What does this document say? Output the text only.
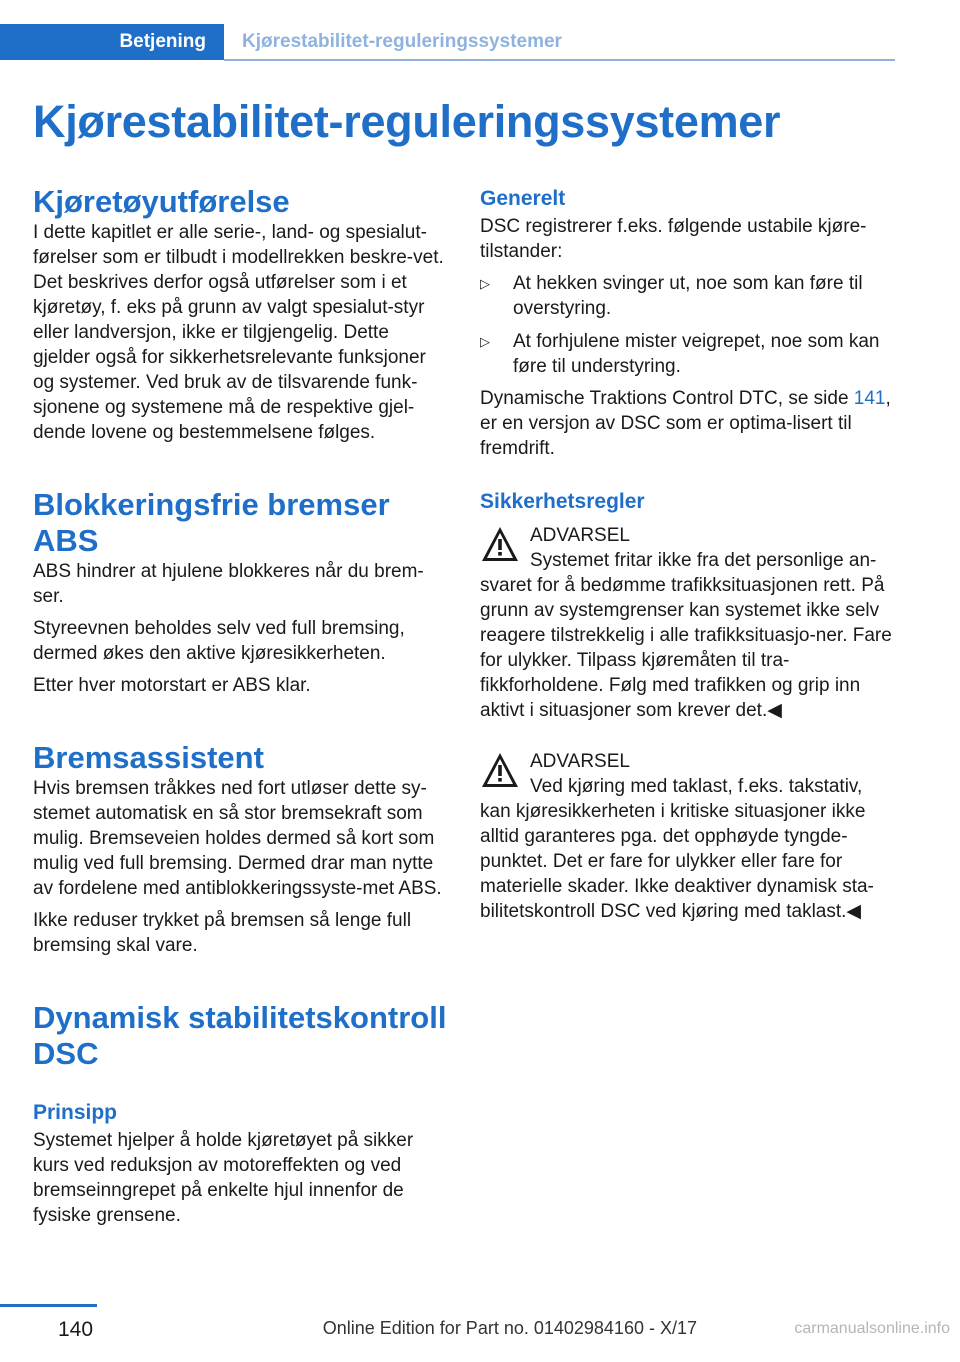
Betjening Kjørestabilitet-reguleringssystemer
Kjørestabilitet-reguleringssystemer
Kjøretøyutførelse

I dette kapitlet er alle serie-, land- og spesialut‐førelser som er tilbudt i modellrekken beskre‐vet. Det beskrives derfor også utførelser som i et kjøretøy, f. eks på grunn av valgt spesialut‐styr eller landversjon, ikke er tilgjengelig. Dette gjelder også for sikkerhetsrelevante funksjoner og systemer. Ved bruk av de tilsvarende funk‐sjonene og systemene må de respektive gjel‐dende lovene og bestemmelsene følges.

Blokkeringsfrie bremser ABS

ABS hindrer at hjulene blokkeres når du brem‐ser.

Styreevnen beholdes selv ved full bremsing, dermed økes den aktive kjøresikkerheten.

Etter hver motorstart er ABS klar.

Bremsassistent

Hvis bremsen tråkkes ned fort utløser dette sy‐stemet automatisk en så stor bremsekraft som mulig. Bremseveien holdes dermed så kort som mulig ved full bremsing. Dermed drar man nytte av fordelene med antiblokkeringssyste‐met ABS.

Ikke reduser trykket på bremsen så lenge full bremsing skal vare.

Dynamisk stabilitetskontroll DSC
Prinsipp

Systemet hjelper å holde kjøretøyet på sikker kurs ved reduksjon av motoreffekten og ved bremseinngrepet på enkelte hjul innenfor de fysiske grensene.

Generelt

DSC registrerer f.eks. følgende ustabile kjøre‐tilstander:

▷ At hekken svinger ut, noe som kan føre til overstyring.
▷ At forhjulene mister veigrepet, noe som kan føre til understyring.

Dynamische Traktions Control DTC, se side 141, er en versjon av DSC som er optima‐lisert til fremdrift.

Sikkerhetsregler
ADVARSEL
Systemet fritar ikke fra det personlige an‐svaret for å bedømme trafikksituasjonen rett. På grunn av systemgrenser kan systemet ikke selv reagere tilstrekkelig i alle trafikksituasjo‐ner. Fare for ulykker. Tilpass kjøremåten til tra‐fikkforholdene. Følg med trafikken og grip inn aktivt i situasjoner som krever det.◀
ADVARSEL
Ved kjøring med taklast, f.eks. takstativ, kan kjøresikkerheten i kritiske situasjoner ikke alltid garanteres pga. det opphøyde tyngde‐punktet. Det er fare for ulykker eller fare for materielle skader. Ikke deaktiver dynamisk sta‐bilitetskontroll DSC ved kjøring med taklast.◀
140	Online Edition for Part no. 01402984160 - X/17	carmanualsonline.info
